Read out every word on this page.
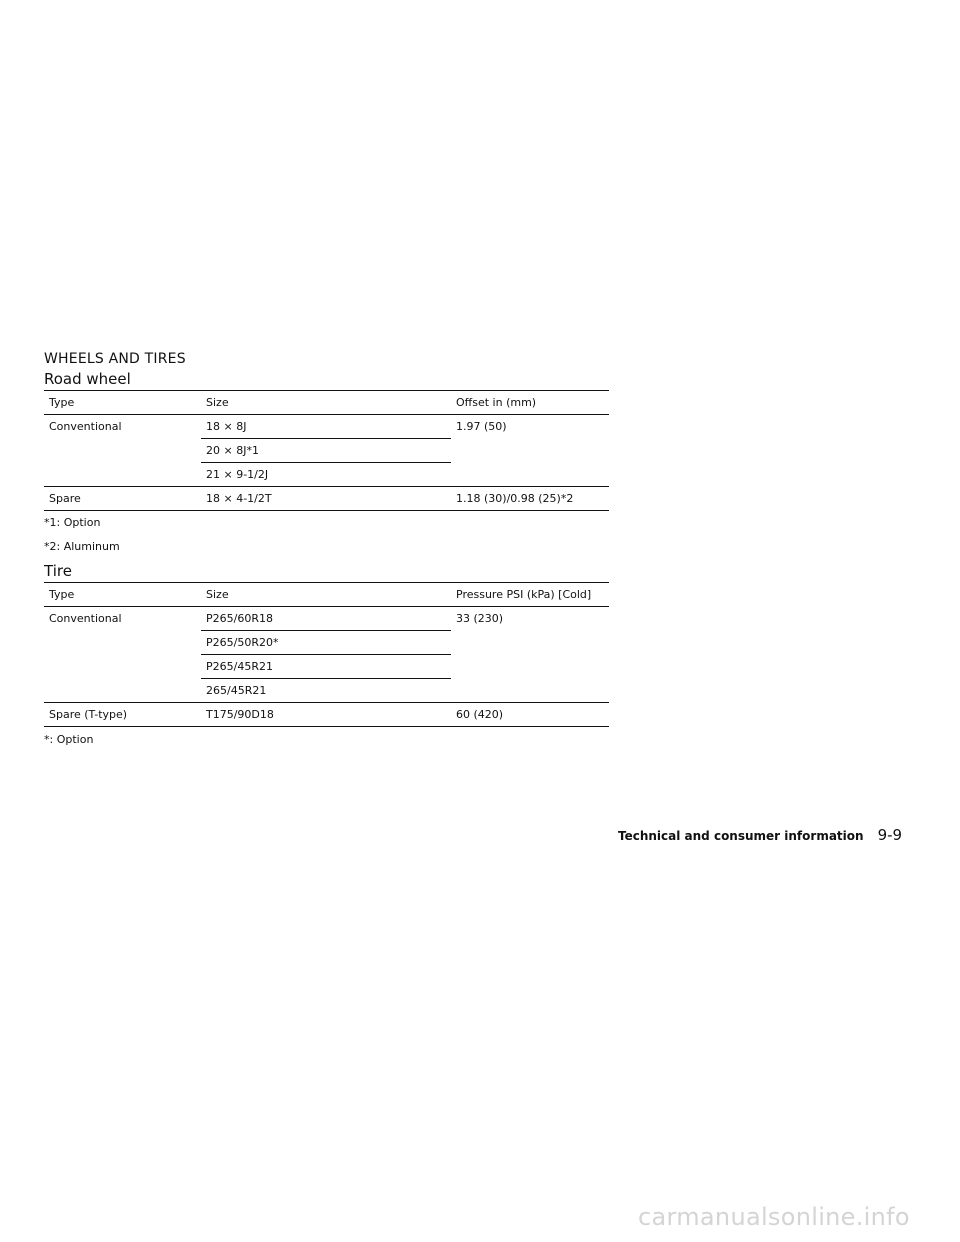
WHEELS AND TIRES
Road wheel
Type	Size	Offset in (mm)
Conventional	18 × 8J	1.97 (50)
	20 × 8J*1	
	21 × 9-1/2J	
Spare	18 × 4-1/2T	1.18 (30)/0.98 (25)*2
*1: Option
*2: Aluminum
Tire
Type	Size	Pressure PSI (kPa) [Cold]
Conventional	P265/60R18	33 (230)
	P265/50R20*	
	P265/45R21	
	265/45R21	
Spare (T-type)	T175/90D18	60 (420)
*: Option
Technical and consumer information 9-9
carmanualsonline.info
